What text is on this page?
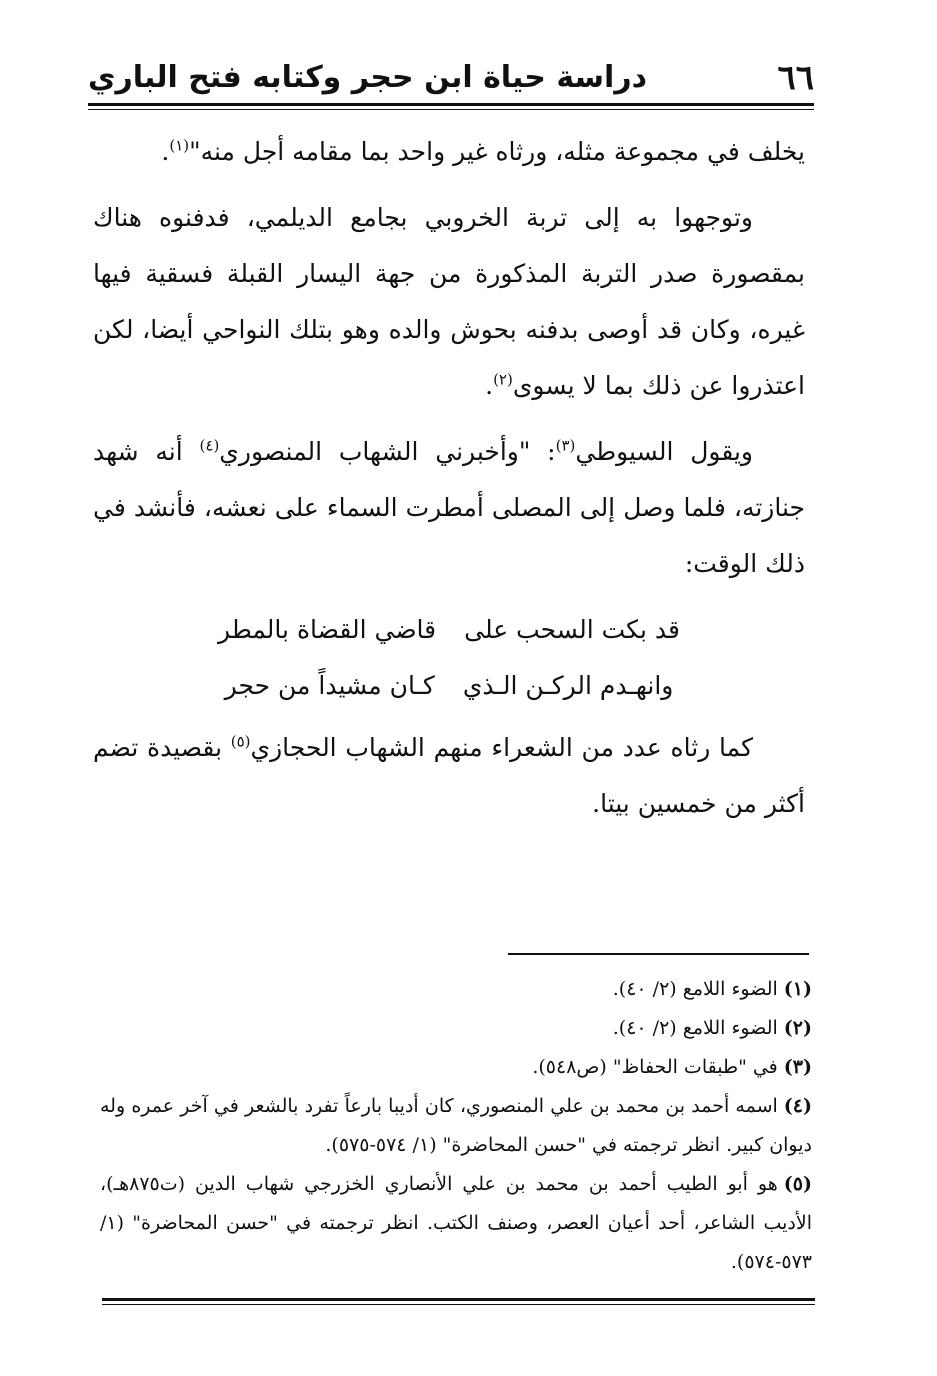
٦٦
دراسة حياة ابن حجر وكتابه فتح الباري

يخلف في مجموعة مثله، ورثاه غير واحد بما مقامه أجل منه"$^{(١)}$.

وتوجهوا به إلى تربة الخروبي بجامع الديلمي، فدفنوه هناك بمقصورة صدر التربة المذكورة من جهة اليسار القبلة فسقية فيها غيره، وكان قد أوصى بدفنه بحوش والده وهو بتلك النواحي أيضا، لكن اعتذروا عن ذلك بما لا يسوى$^{(٢)}$.

ويقول السيوطي$^{(٣)}$: "وأخبرني الشهاب المنصوري$^{(٤)}$ أنه شهد جنازته، فلما وصل إلى المصلى أمطرت السماء على نعشه، فأنشد في ذلك الوقت:

قد بكت السحب على
قاضي القضاة بالمطر
وانهـدم الركـن الـذي
كـان مشيداً من حجر

كما رثاه عدد من الشعراء منهم الشهاب الحجازي$^{(٥)}$ بقصيدة تضم أكثر من خمسين بيتا.

(١)الضوء اللامع (٢/ ٤٠).

(٢)الضوء اللامع (٢/ ٤٠).

(٣)في "طبقات الحفاظ" (ص٥٤٨).

(٤)اسمه أحمد بن محمد بن علي المنصوري، كان أديبا بارعاً تفرد بالشعر في آخر عمره وله ديوان كبير. انظر ترجمته في "حسن المحاضرة" (١/ ٥٧٤-٥٧٥).

(٥)هو أبو الطيب أحمد بن محمد بن علي الأنصاري الخزرجي شهاب الدين (ت٨٧٥هـ)، الأديب الشاعر، أحد أعيان العصر، وصنف الكتب. انظر ترجمته في "حسن المحاضرة" (١/ ٥٧٣-٥٧٤).
